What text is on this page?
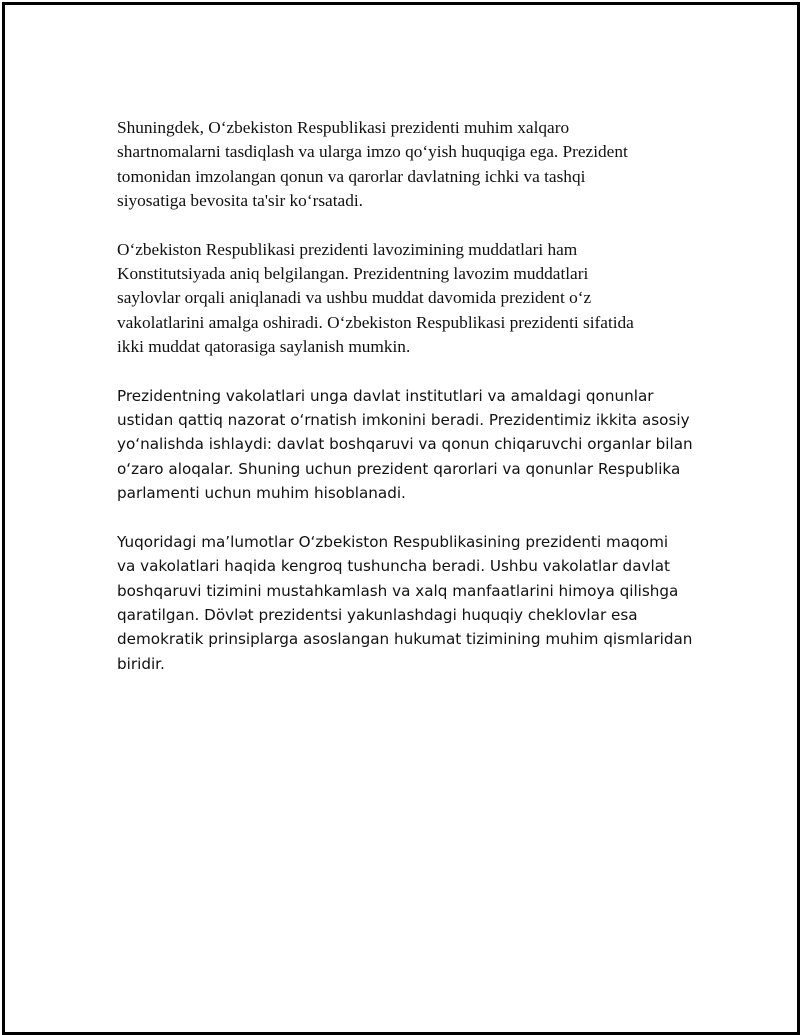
Shuningdek, O‘zbekiston Respublikasi prezidenti muhim xalqaro
shartnomalarni tasdiqlash va ularga imzo qo‘yish huquqiga ega. Prezident
tomonidan imzolangan qonun va qarorlar davlatning ichki va tashqi
siyosatiga bevosita ta'sir ko‘rsatadi.

O‘zbekiston Respublikasi prezidenti lavozimining muddatlari ham
Konstitutsiyada aniq belgilangan. Prezidentning lavozim muddatlari
saylovlar orqali aniqlanadi va ushbu muddat davomida prezident o‘z
vakolatlarini amalga oshiradi. O‘zbekiston Respublikasi prezidenti sifatida
ikki muddat qatorasiga saylanish mumkin.

Prezidentning vakolatlari unga davlat institutlari va amaldagi qonunlar
ustidan qattiq nazorat o‘rnatish imkonini beradi. Prezidentimiz ikkita asosiy
yo‘nalishda ishlaydi: davlat boshqaruvi va qonun chiqaruvchi organlar bilan
o‘zaro aloqalar. Shuning uchun prezident qarorlari va qonunlar Respublika
parlamenti uchun muhim hisoblanadi.

Yuqoridagi ma’lumotlar O‘zbekiston Respublikasining prezidenti maqomi
va vakolatlari haqida kengroq tushuncha beradi. Ushbu vakolatlar davlat
boshqaruvi tizimini mustahkamlash va xalq manfaatlarini himoya qilishga
qaratilgan. Dövlət prezidentsi yakunlashdagi huquqiy cheklovlar esa
demokratik prinsiplarga asoslangan hukumat tizimining muhim qismlaridan
biridir.
